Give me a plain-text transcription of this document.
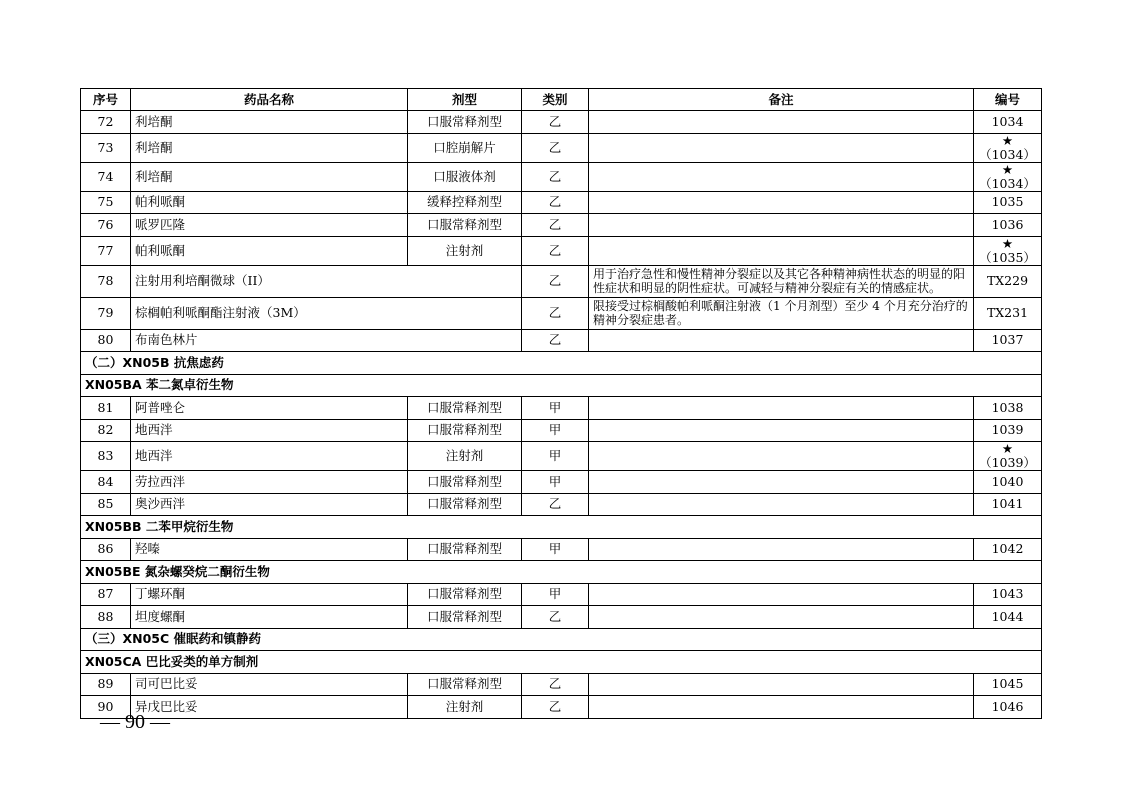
序号	药品名称	剂型	类别	备注	编号
72	利培酮	口服常释剂型	乙		1034
73	利培酮	口腔崩解片	乙		★（1034）
74	利培酮	口服液体剂	乙		★（1034）
75	帕利哌酮	缓释控释剂型	乙		1035
76	哌罗匹隆	口服常释剂型	乙		1036
77	帕利哌酮	注射剂	乙		★（1035）
78	注射用利培酮微球（II）		乙	用于治疗急性和慢性精神分裂症以及其它各种精神病性状态的明显的阳性症状和明显的阴性症状。可减轻与精神分裂症有关的情感症状。	TX229
79	棕榈帕利哌酮酯注射液（3M）		乙	限接受过棕榈酸帕利哌酮注射液（1 个月剂型）至少 4 个月充分治疗的精神分裂症患者。	TX231
80	布南色林片		乙		1037
（二）XN05B 抗焦虑药					
XN05BA 苯二氮卓衍生物					
81	阿普唑仑	口服常释剂型	甲		1038
82	地西泮	口服常释剂型	甲		1039
83	地西泮	注射剂	甲		★（1039）
84	劳拉西泮	口服常释剂型	甲		1040
85	奥沙西泮	口服常释剂型	乙		1041
XN05BB 二苯甲烷衍生物					
86	羟嗪	口服常释剂型	甲		1042
XN05BE 氮杂螺癸烷二酮衍生物					
87	丁螺环酮	口服常释剂型	甲		1043
88	坦度螺酮	口服常释剂型	乙		1044
（三）XN05C 催眠药和镇静药					
XN05CA 巴比妥类的单方制剂					
89	司可巴比妥	口服常释剂型	乙		1045
90	异戊巴比妥	注射剂	乙		1046
— 90 —
